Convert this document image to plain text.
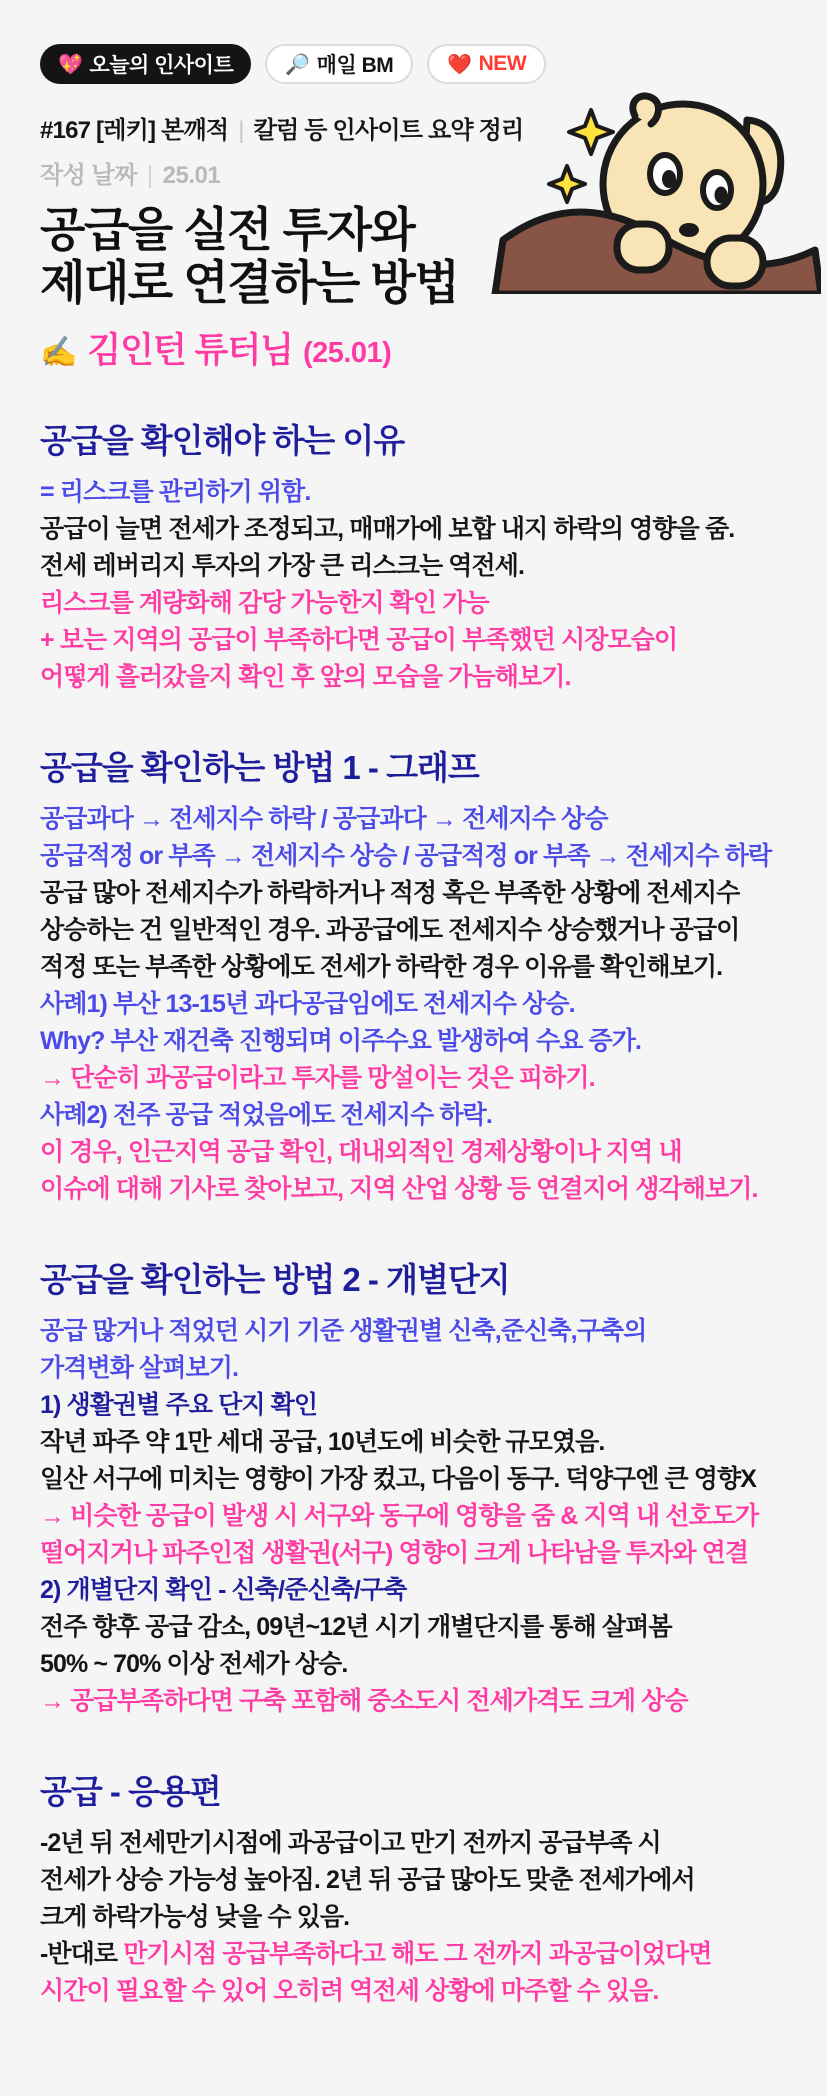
💖 오늘의 인사이트	🔎 매일 BM	❤️ NEW

#167 [레키] 본깨적 | 칼럼 등 인사이트 요약 정리

작성 날짜 | 25.01

공급을 실전 투자와
제대로 연결하는 방법
✍️ 김인턴 튜터님 (25.01)
공급을 확인해야 하는 이유

= 리스크를 관리하기 위함.

공급이 늘면 전세가 조정되고, 매매가에 보합 내지 하락의 영향을 줌.

전세 레버리지 투자의 가장 큰 리스크는 역전세.

리스크를 계량화해 감당 가능한지 확인 가능

+ 보는 지역의 공급이 부족하다면 공급이 부족했던 시장모습이

어떻게 흘러갔을지 확인 후 앞의 모습을 가늠해보기.

공급을 확인하는 방법 1 - 그래프

공급과다 → 전세지수 하락 / 공급과다 → 전세지수 상승

공급적정 or 부족 → 전세지수 상승 / 공급적정 or 부족 → 전세지수 하락

공급 많아 전세지수가 하락하거나 적정 혹은 부족한 상황에 전세지수

상승하는 건 일반적인 경우. 과공급에도 전세지수 상승했거나 공급이

적정 또는 부족한 상황에도 전세가 하락한 경우 이유를 확인해보기.

사례1) 부산 13-15년 과다공급임에도 전세지수 상승.

Why? 부산 재건축 진행되며 이주수요 발생하여 수요 증가.

→ 단순히 과공급이라고 투자를 망설이는 것은 피하기.

사례2) 전주 공급 적었음에도 전세지수 하락.

이 경우, 인근지역 공급 확인, 대내외적인 경제상황이나 지역 내

이슈에 대해 기사로 찾아보고, 지역 산업 상황 등 연결지어 생각해보기.

공급을 확인하는 방법 2 - 개별단지

공급 많거나 적었던 시기 기준 생활권별 신축,준신축,구축의

가격변화 살펴보기.

1) 생활권별 주요 단지 확인

작년 파주 약 1만 세대 공급, 10년도에 비슷한 규모였음.

일산 서구에 미치는 영향이 가장 컸고, 다음이 동구. 덕양구엔 큰 영향X

→ 비슷한 공급이 발생 시 서구와 동구에 영향을 줌 & 지역 내 선호도가

떨어지거나 파주인접 생활권(서구) 영향이 크게 나타남을 투자와 연결

2) 개별단지 확인 - 신축/준신축/구축

전주 향후 공급 감소, 09년~12년 시기 개별단지를 통해 살펴봄

50% ~ 70% 이상 전세가 상승.

→ 공급부족하다면 구축 포함해 중소도시 전세가격도 크게 상승

공급 - 응용편

-2년 뒤 전세만기시점에 과공급이고 만기 전까지 공급부족 시

전세가 상승 가능성 높아짐. 2년 뒤 공급 많아도 맞춘 전세가에서

크게 하락가능성 낮을 수 있음.

-반대로 만기시점 공급부족하다고 해도 그 전까지 과공급이었다면

시간이 필요할 수 있어 오히려 역전세 상황에 마주할 수 있음.
